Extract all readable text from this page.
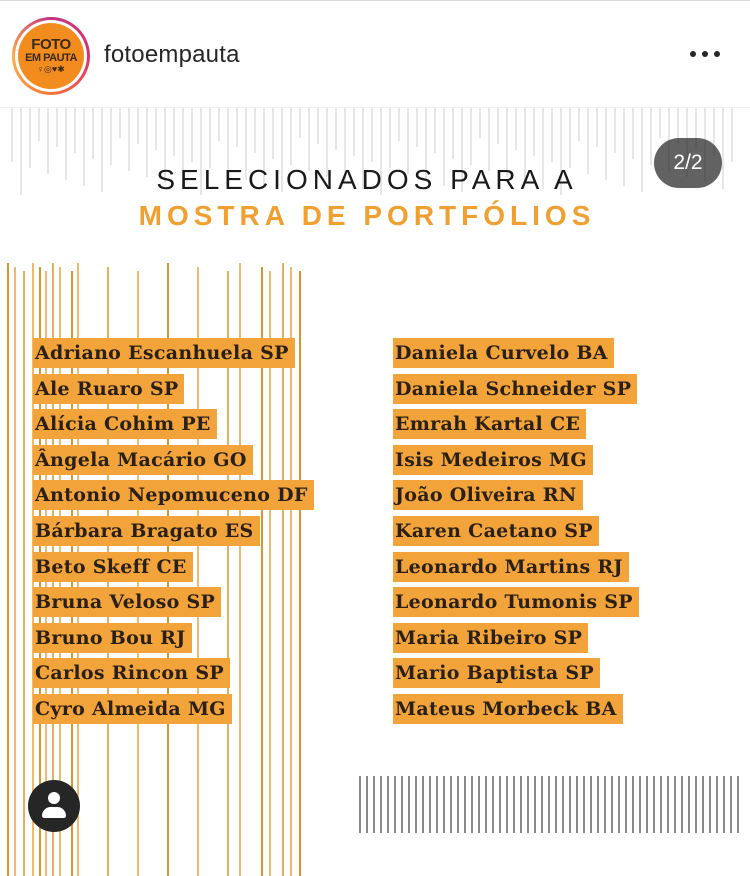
FOTO
EM PAUTA
♀◎♥✱
fotoempauta
2/2
SELECIONADOS PARA A
MOSTRA DE PORTFÓLIOS
Adriano Escanhuela SP
Ale Ruaro SP
Alícia Cohim PE
Ângela Macário GO
Antonio Nepomuceno DF
Bárbara Bragato ES
Beto Skeff CE
Bruna Veloso SP
Bruno Bou RJ
Carlos Rincon SP
Cyro Almeida MG
Daniela Curvelo BA
Daniela Schneider SP
Emrah Kartal CE
Isis Medeiros MG
João Oliveira RN
Karen Caetano SP
Leonardo Martins RJ
Leonardo Tumonis SP
Maria Ribeiro SP
Mario Baptista SP
Mateus Morbeck BA
